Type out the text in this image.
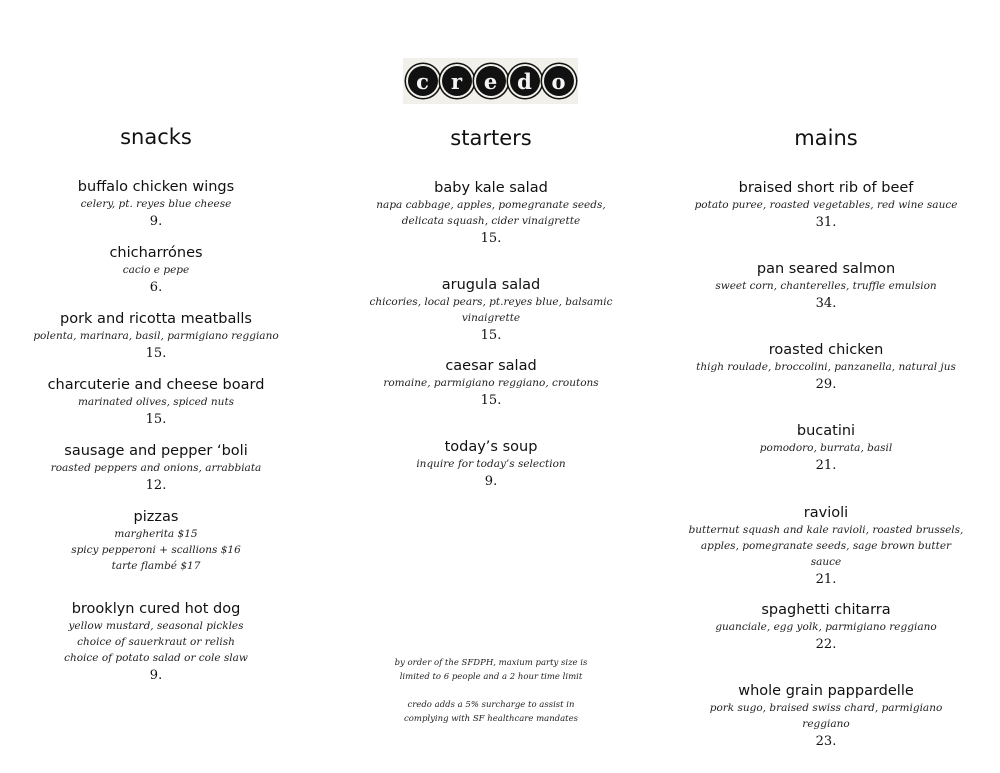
c	r	e d o
snacks
buffalo chicken wings
celery, pt. reyes blue cheese
9.
chicharrónes
cacio e pepe
6.
pork and ricotta meatballs
polenta, marinara, basil, parmigiano reggiano
15.
charcuterie and cheese board
marinated olives, spiced nuts
15.
sausage and pepper ‘boli
roasted peppers and onions, arrabbiata
12.
pizzas
margherita $15
spicy pepperoni + scallions $16
tarte flambé $17
brooklyn cured hot dog
yellow mustard, seasonal pickles
choice of sauerkraut or relish
choice of potato salad or cole slaw
9.
starters
baby kale salad
napa cabbage, apples, pomegranate seeds,
delicata squash, cider vinaigrette
15.
arugula salad
chicories, local pears, pt.reyes blue, balsamic vinaigrette
15.
caesar salad
romaine, parmigiano reggiano, croutons
15.
today’s soup
inquire for today’s selection
9.
mains
braised short rib of beef
potato puree, roasted vegetables, red wine sauce
31.
pan seared salmon
sweet corn, chanterelles, truffle emulsion
34.
roasted chicken
thigh roulade, broccolini, panzanella, natural jus
29.
bucatini
pomodoro, burrata, basil
21.
ravioli
butternut squash and kale ravioli, roasted brussels,
apples, pomegranate seeds, sage brown butter sauce
21.
spaghetti chitarra
guanciale, egg yolk, parmigiano reggiano
22.
whole grain pappardelle
pork sugo, braised swiss chard, parmigiano reggiano
23.
by order of the SFDPH, maxium party size is
limited to 6 people and a 2 hour time limit
credo adds a 5% surcharge to assist in
complying with SF healthcare mandates
